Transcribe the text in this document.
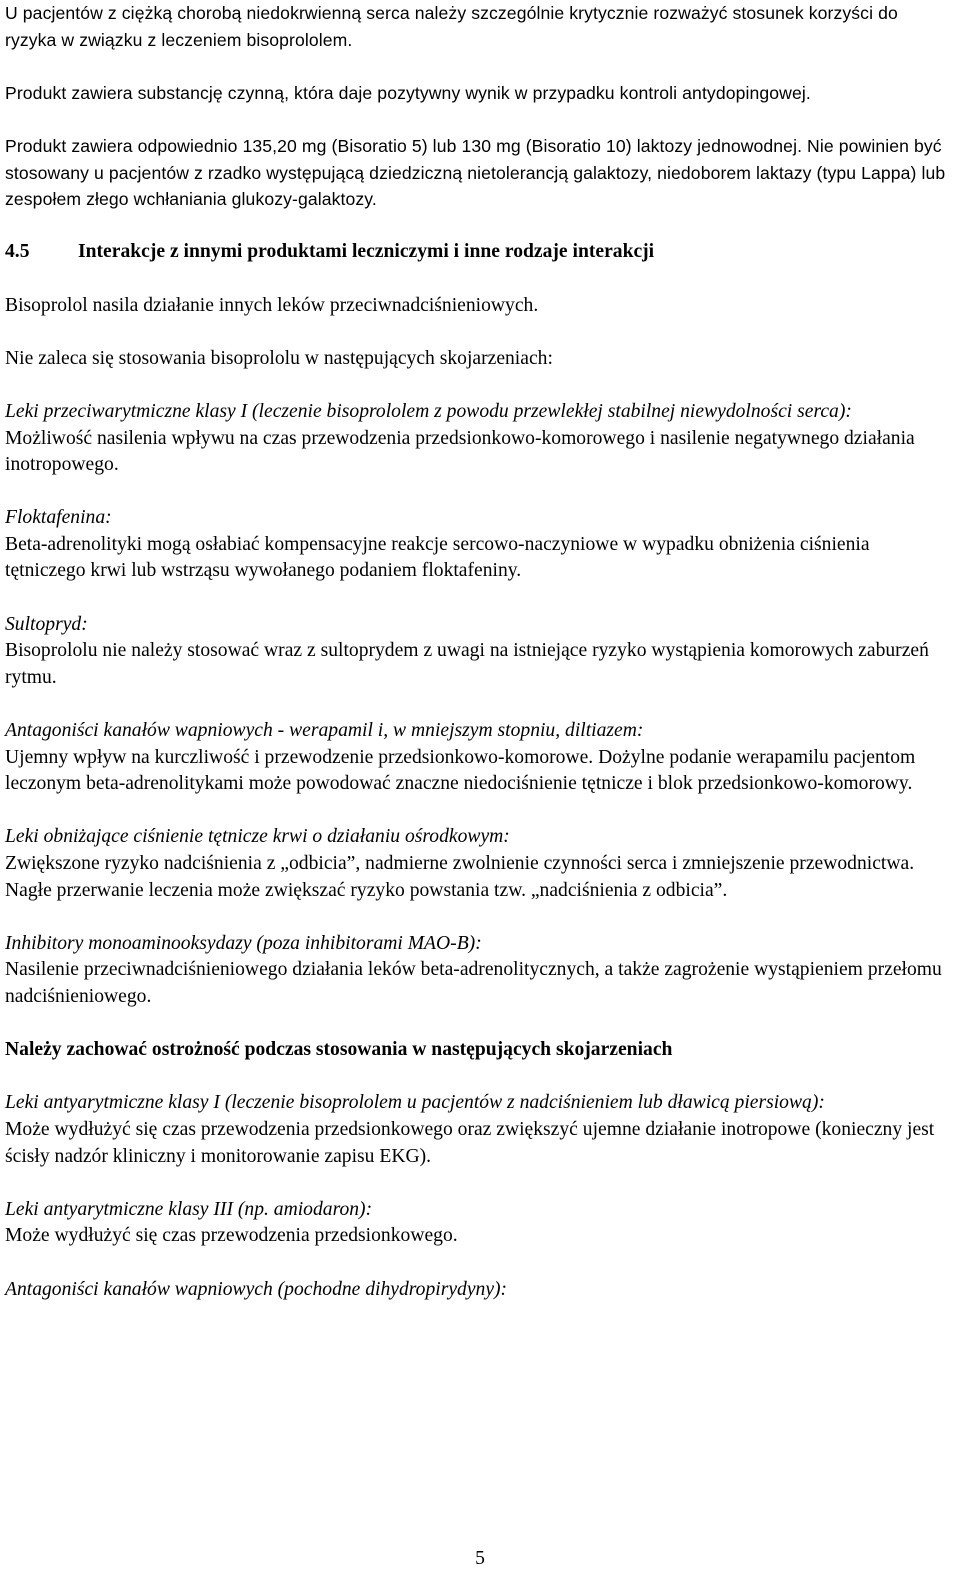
U pacjentów z ciężką chorobą niedokrwienną serca należy szczególnie krytycznie rozważyć stosunek korzyści do ryzyka w związku z leczeniem bisoprololem.

Produkt zawiera substancję czynną, która daje pozytywny wynik w przypadku kontroli antydopingowej.

Produkt zawiera odpowiednio 135,20 mg (Bisoratio 5) lub 130 mg (Bisoratio 10) laktozy jednowodnej. Nie powinien być stosowany u pacjentów z rzadko występującą dziedziczną nietolerancją galaktozy, niedoborem laktazy (typu Lappa) lub zespołem złego wchłaniania glukozy-galaktozy.

4.5	Interakcje z innymi produktami leczniczymi i inne rodzaje interakcji

Bisoprolol nasila działanie innych leków przeciwnadciśnieniowych.

Nie zaleca się stosowania bisoprololu w następujących skojarzeniach:

Leki przeciwarytmiczne klasy I (leczenie bisoprololem z powodu przewlekłej stabilnej niewydolności serca):

Możliwość nasilenia wpływu na czas przewodzenia przedsionkowo-komorowego i nasilenie negatywnego działania inotropowego.

Floktafenina:

Beta-adrenolityki mogą osłabiać kompensacyjne reakcje sercowo-naczyniowe w wypadku obniżenia ciśnienia tętniczego krwi lub wstrząsu wywołanego podaniem floktafeniny.

Sultopryd:

Bisoprololu nie należy stosować wraz z sultoprydem z uwagi na istniejące ryzyko wystąpienia komorowych zaburzeń rytmu.

Antagoniści kanałów wapniowych - werapamil i, w mniejszym stopniu, diltiazem:

Ujemny wpływ na kurczliwość i przewodzenie przedsionkowo-komorowe. Dożylne podanie werapamilu pacjentom leczonym beta-adrenolitykami może powodować znaczne niedociśnienie tętnicze i blok przedsionkowo-komorowy.

Leki obniżające ciśnienie tętnicze krwi o działaniu ośrodkowym:

Zwiększone ryzyko nadciśnienia z „odbicia”, nadmierne zwolnienie czynności serca i zmniejszenie przewodnictwa. Nagłe przerwanie leczenia może zwiększać ryzyko powstania tzw. „nadciśnienia z odbicia”.

Inhibitory monoaminooksydazy (poza inhibitorami MAO-B):

Nasilenie przeciwnadciśnieniowego działania leków beta-adrenolitycznych, a także zagrożenie wystąpieniem przełomu nadciśnieniowego.

Należy zachować ostrożność podczas stosowania w następujących skojarzeniach

Leki antyarytmiczne klasy I (leczenie bisoprololem u pacjentów z nadciśnieniem lub dławicą piersiową):

Może wydłużyć się czas przewodzenia przedsionkowego oraz zwiększyć ujemne działanie inotropowe (konieczny jest ścisły nadzór kliniczny i monitorowanie zapisu EKG).

Leki antyarytmiczne klasy III (np. amiodaron):

Może wydłużyć się czas przewodzenia przedsionkowego.

Antagoniści kanałów wapniowych (pochodne dihydropirydyny):

5
